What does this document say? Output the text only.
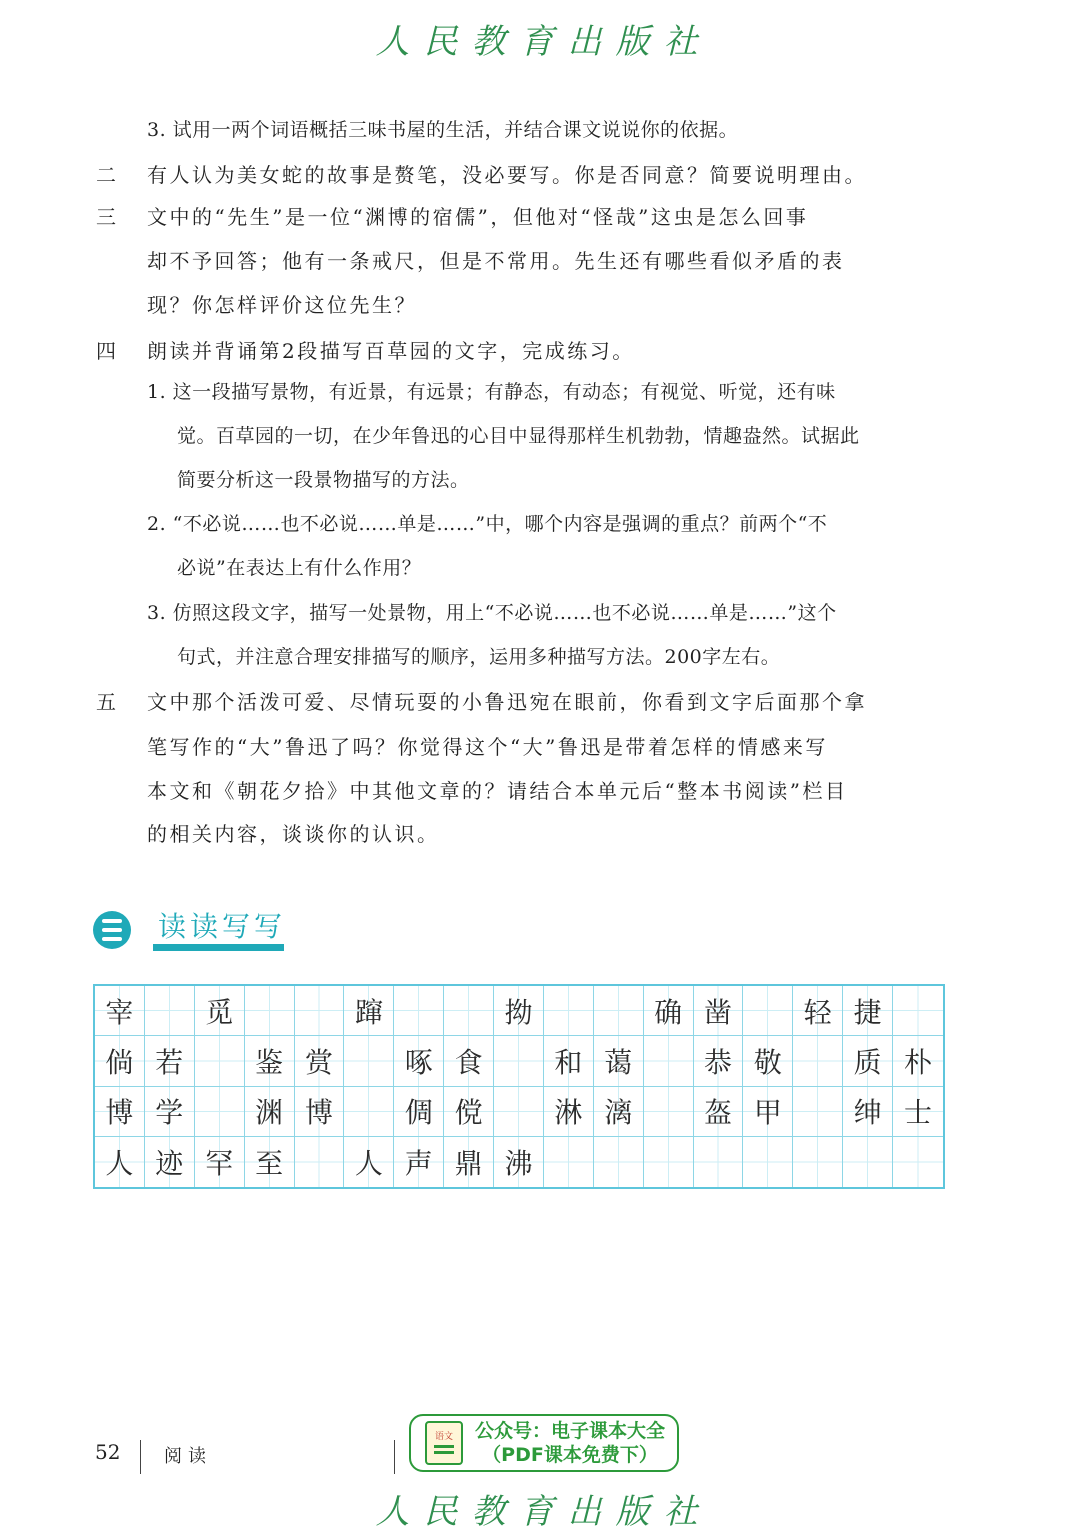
人民教育出版社
3. 试用一两个词语概括三味书屋的生活，并结合课文说说你的依据。
二 有人认为美女蛇的故事是赘笔，没必要写。你是否同意？简要说明理由。
三 文中的“先生”是一位“渊博的宿儒”，但他对“怪哉”这虫是怎么回事
却不予回答；他有一条戒尺，但是不常用。先生还有哪些看似矛盾的表
现？你怎样评价这位先生？
四 朗读并背诵第2段描写百草园的文字，完成练习。
1. 这一段描写景物，有近景，有远景；有静态，有动态；有视觉、听觉，还有味
觉。百草园的一切，在少年鲁迅的心目中显得那样生机勃勃，情趣盎然。试据此
简要分析这一段景物描写的方法。
2. “不必说……也不必说……单是……”中，哪个内容是强调的重点？前两个“不
必说”在表达上有什么作用？
3. 仿照这段文字，描写一处景物，用上“不必说……也不必说……单是……”这个
句式，并注意合理安排描写的顺序，运用多种描写方法。200字左右。
五 文中那个活泼可爱、尽情玩耍的小鲁迅宛在眼前，你看到文字后面那个拿
笔写作的“大”鲁迅了吗？你觉得这个“大”鲁迅是带着怎样的情感来写
本文和《朝花夕拾》中其他文章的？请结合本单元后“整本书阅读”栏目
的相关内容，谈谈你的认识。
读读写写
宰	觅	蹿	拗	确 凿	轻 捷
倘 若	鉴 赏	啄 食	和 蔼	恭 敬	质 朴
博 学	渊 博	倜 傥	淋 漓	盔 甲	绅 士
人 迹 罕 至	人 声 鼎 沸
52 阅读
语文	公众号：电子课本大全
（PDF课本免费下）
人民教育出版社
